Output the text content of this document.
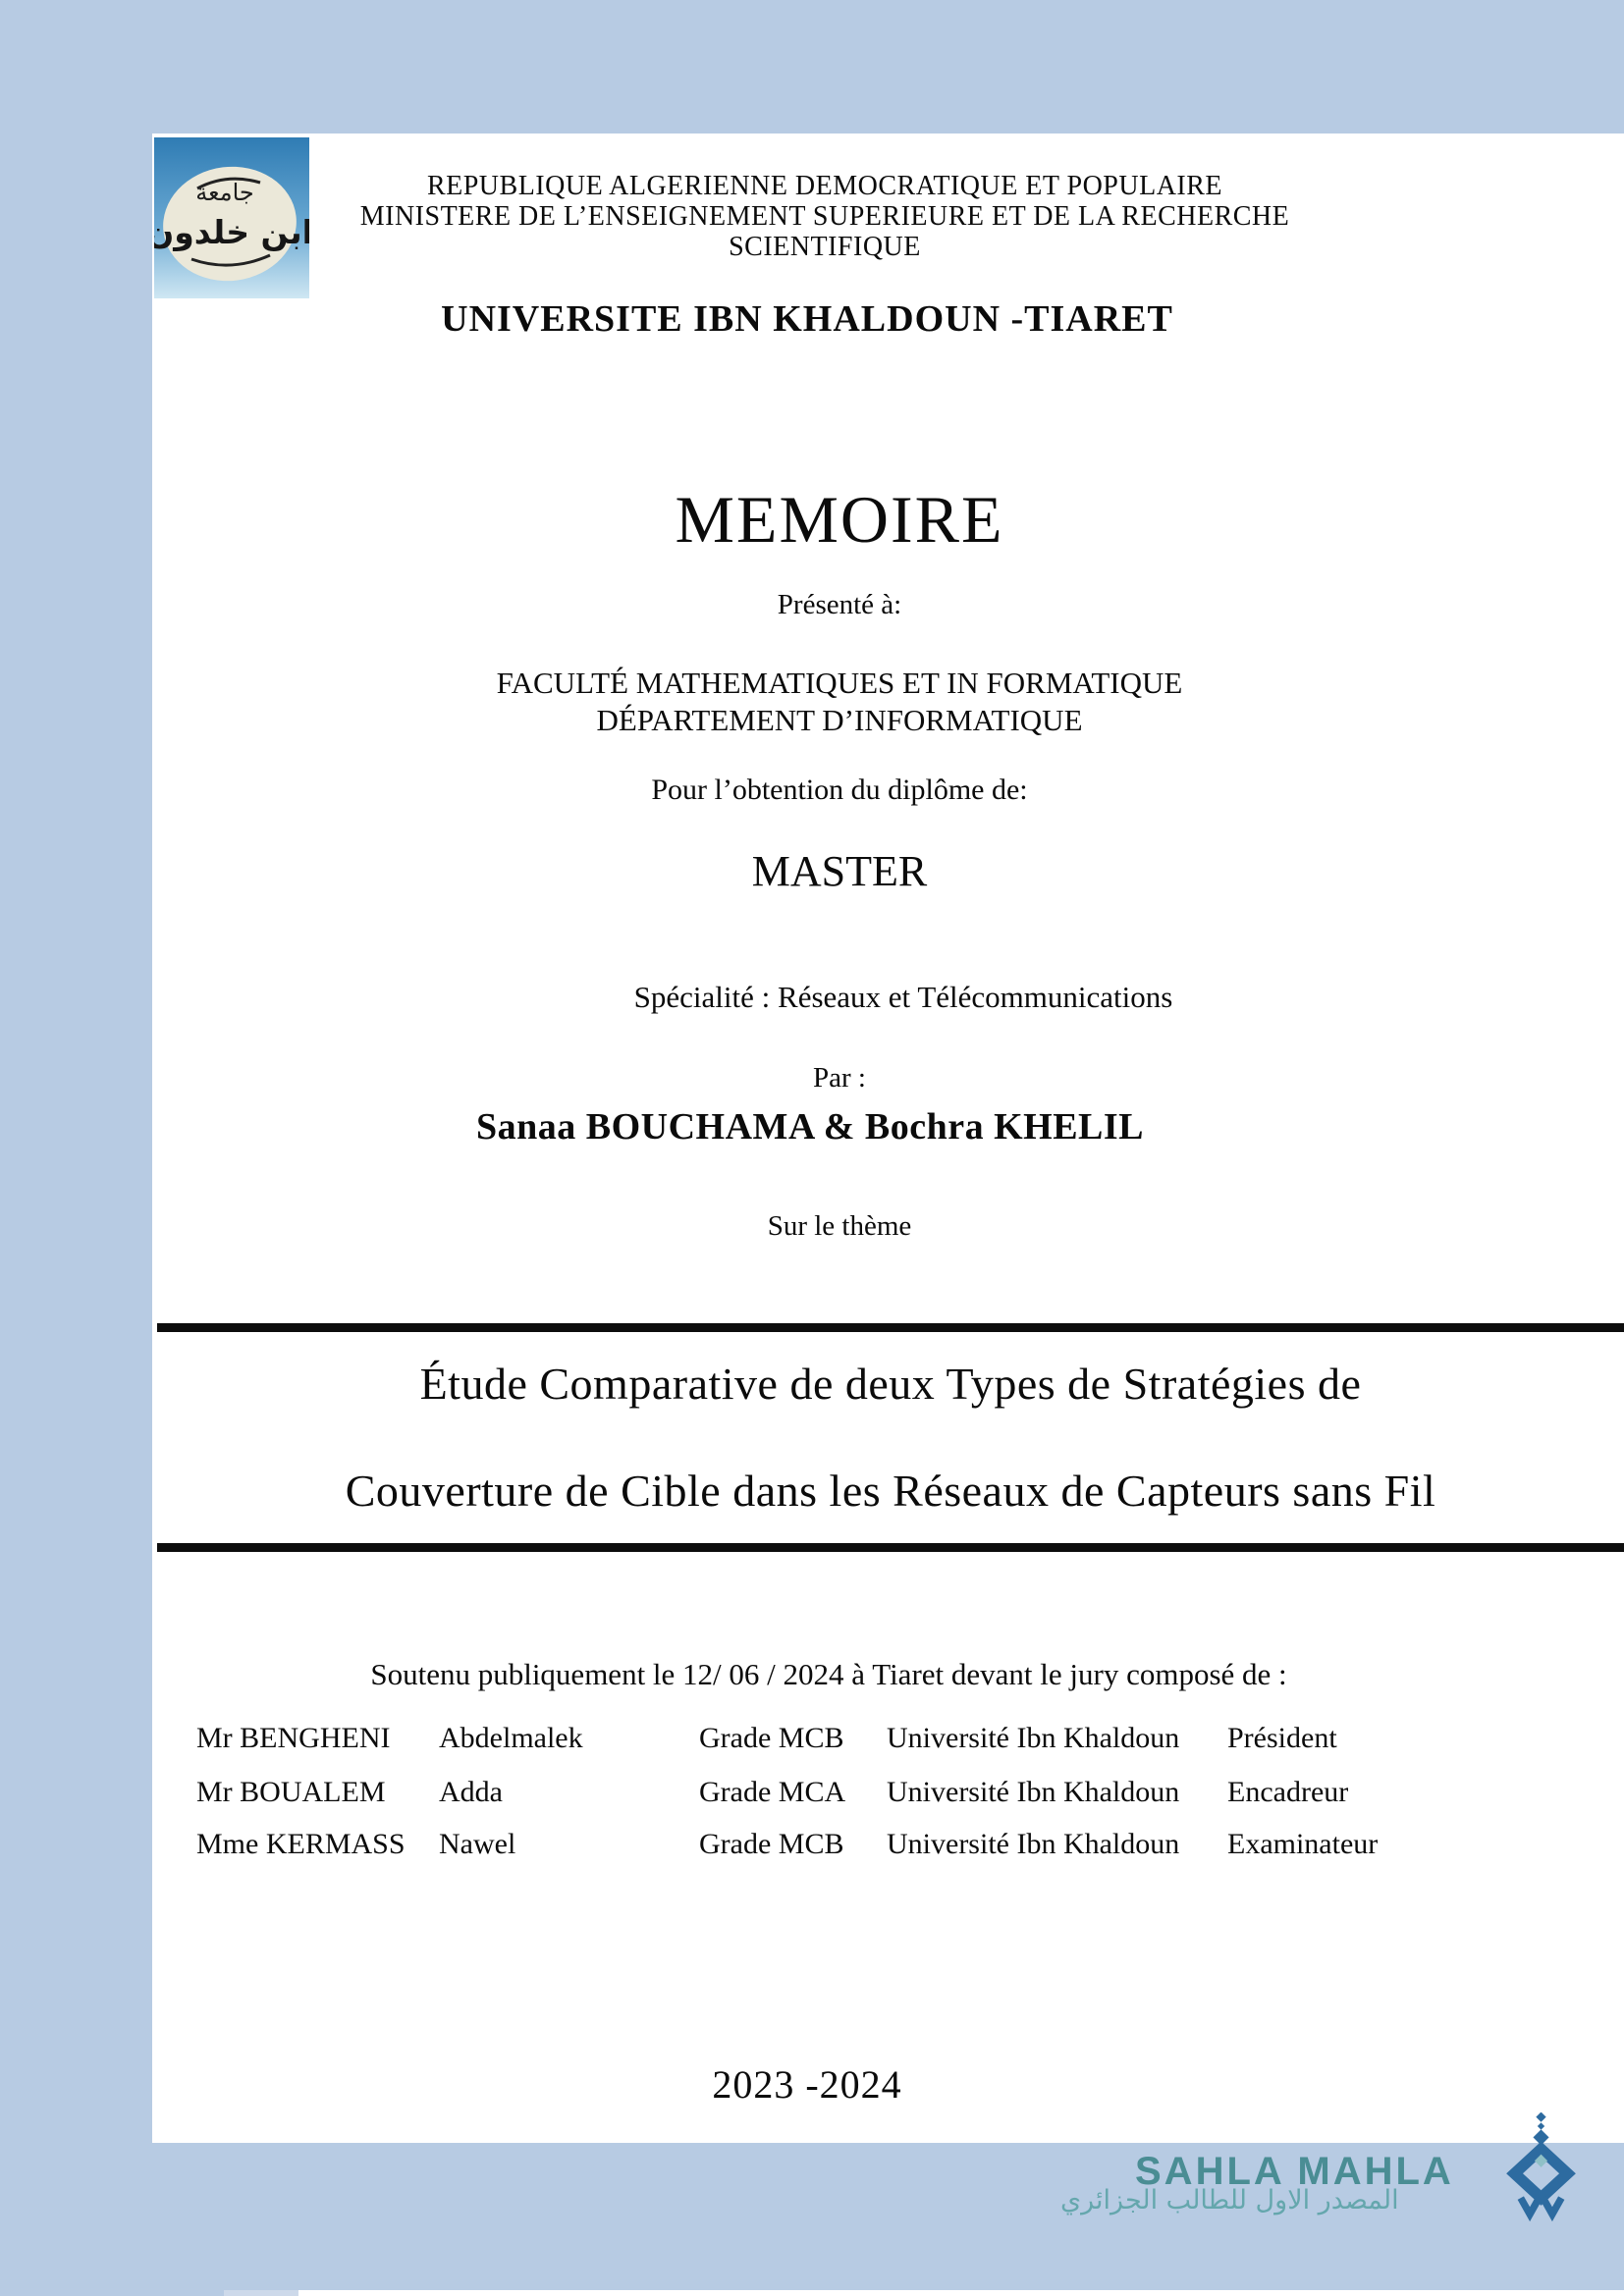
جامعة
ابن خلدون
REPUBLIQUE ALGERIENNE DEMOCRATIQUE ET POPULAIRE
MINISTERE DE L’ENSEIGNEMENT SUPERIEURE ET DE LA RECHERCHE
SCIENTIFIQUE
UNIVERSITE IBN KHALDOUN -TIARET
MEMOIRE
Présenté à:
FACULTÉ MATHEMATIQUES ET IN FORMATIQUE
DÉPARTEMENT D’INFORMATIQUE
Pour l’obtention du diplôme de:
MASTER
Spécialité : Réseaux et Télécommunications
Par :
Sanaa BOUCHAMA & Bochra KHELIL
Sur le thème
Étude Comparative de deux Types de Stratégies de
Couverture de Cible dans les Réseaux de Capteurs sans Fil
Soutenu publiquement le 12/ 06 / 2024 à Tiaret devant le jury composé de :
Mr BENGHENI Abdelmalek	Grade MCB Université Ibn Khaldoun Président
Mr BOUALEM Adda	Grade MCA Université Ibn Khaldoun Encadreur
Mme KERMASS Nawel	Grade MCB Université Ibn Khaldoun Examinateur
2023 -2024
SAHLA MAHLA
المصدر الاول للطالب الجزائري
